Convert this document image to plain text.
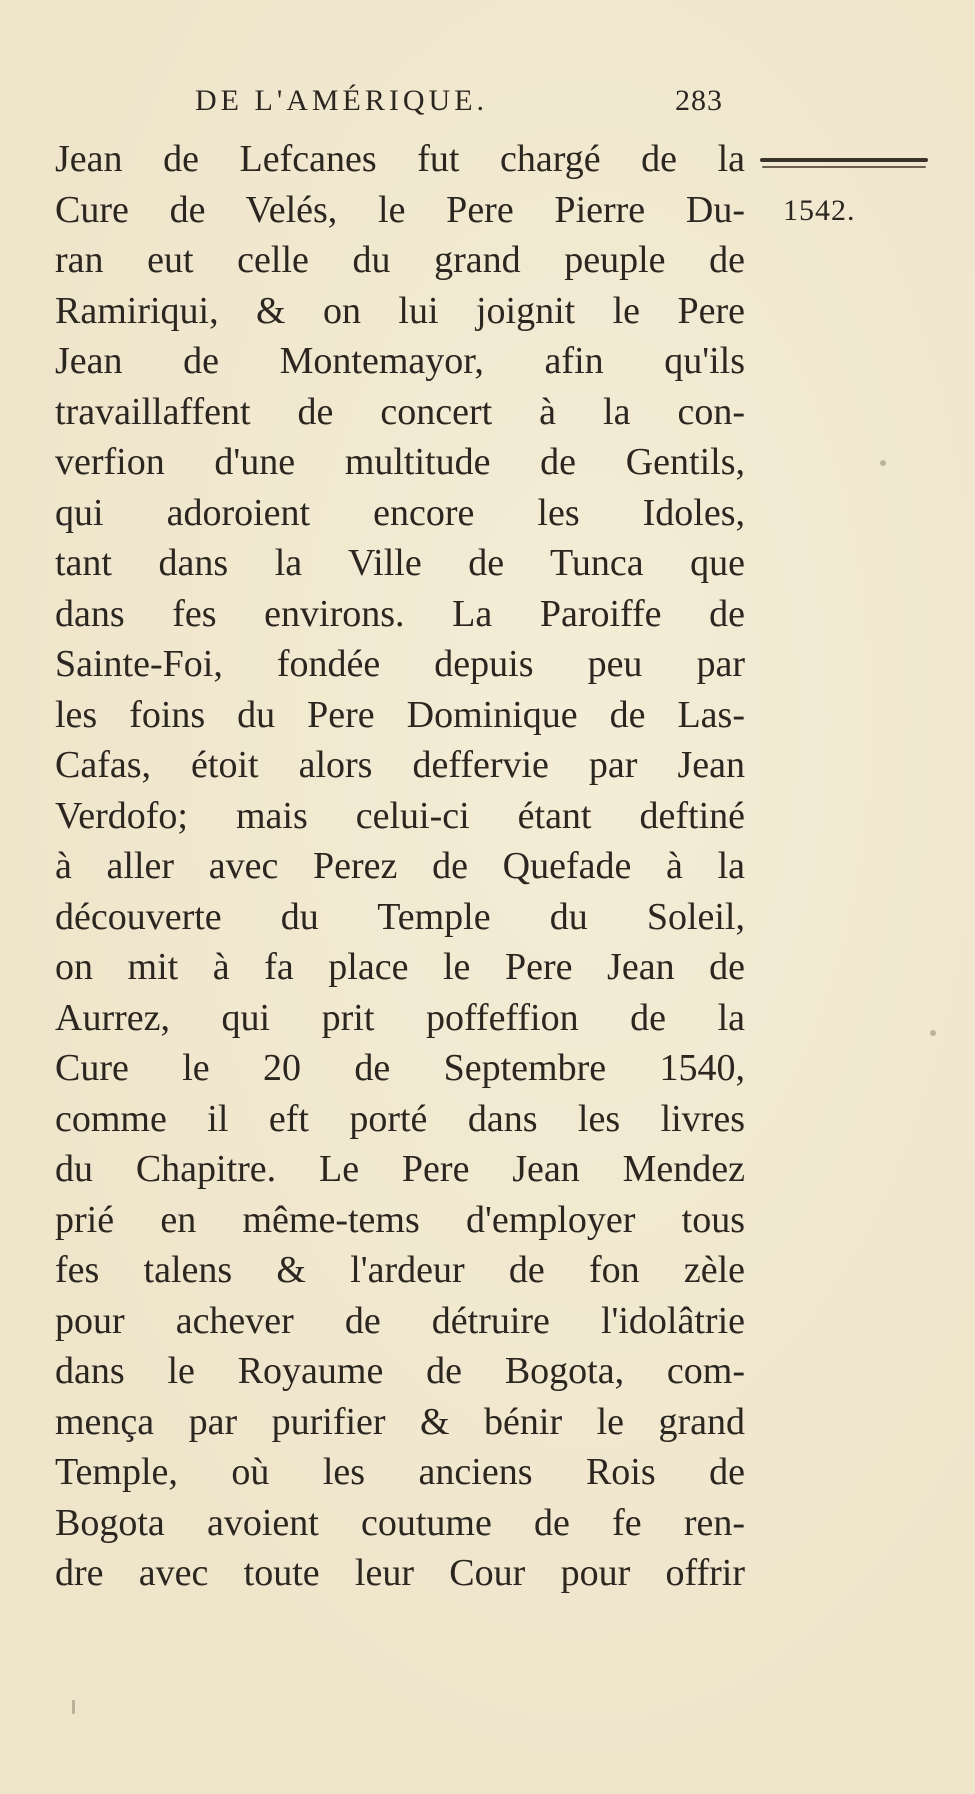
DE L'AMÉRIQUE.	283
1542.
Jean de Lefcanes fut chargé de la
Cure de Velés, le Pere Pierre Du-
ran eut celle du grand peuple de
Ramiriqui, & on lui joignit le Pere
Jean de Montemayor, afin qu'ils
travaillaffent de concert à la con-
verfion d'une multitude de Gentils,
qui adoroient encore les Idoles,
tant dans la Ville de Tunca que
dans fes environs. La Paroiffe de
Sainte-Foi, fondée depuis peu par
les foins du Pere Dominique de Las-
Cafas, étoit alors deffervie par Jean
Verdofo; mais celui-ci étant deftiné
à aller avec Perez de Quefade à la
découverte du Temple du Soleil,
on mit à fa place le Pere Jean de
Aurrez, qui prit poffeffion de la
Cure le 20 de Septembre 1540,
comme il eft porté dans les livres
du Chapitre. Le Pere Jean Mendez
prié en même-tems d'employer tous
fes talens & l'ardeur de fon zèle
pour achever de détruire l'idolâtrie
dans le Royaume de Bogota, com-
mença par purifier & bénir le grand
Temple, où les anciens Rois de
Bogota avoient coutume de fe ren-
dre avec toute leur Cour pour offrir
